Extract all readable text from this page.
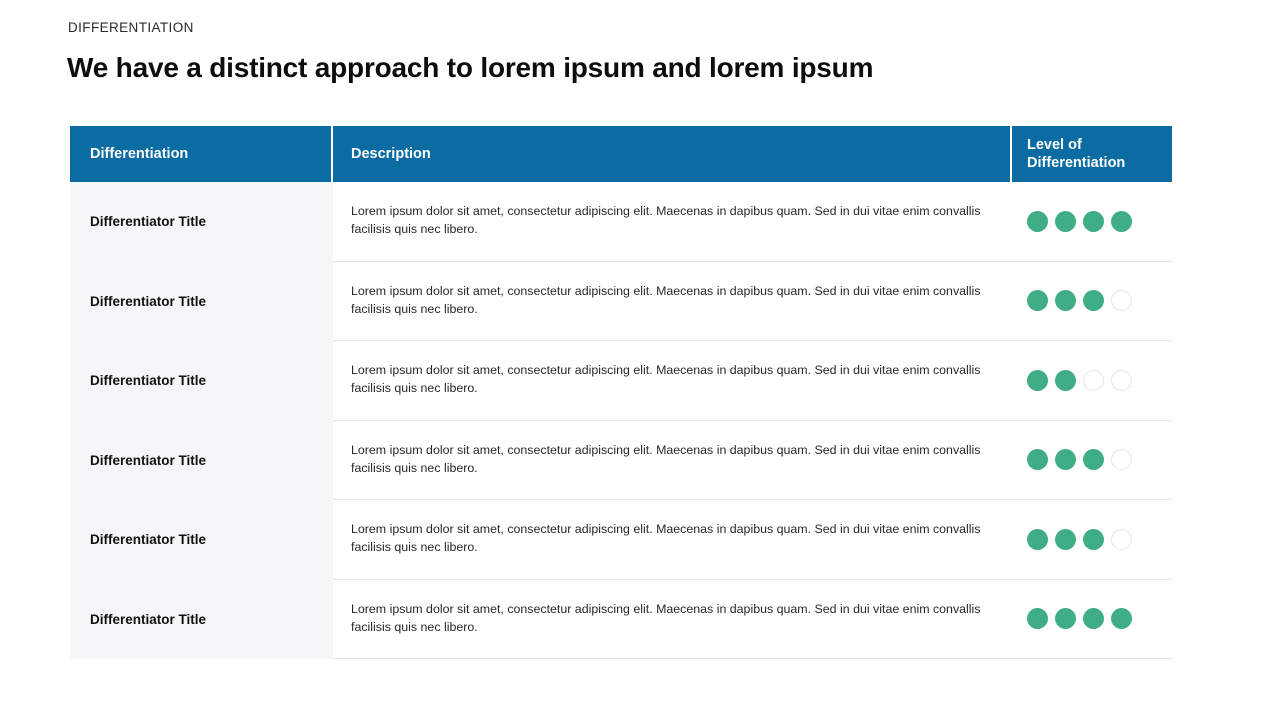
DIFFERENTIATION
We have a distinct approach to lorem ipsum and lorem ipsum
Differentiation	Description
Level of
Differentiation
Differentiator Title
Lorem ipsum dolor sit amet, consectetur adipiscing elit. Maecenas in dapibus quam. Sed in dui vitae enim convallis facilisis quis nec libero.
Differentiator Title
Lorem ipsum dolor sit amet, consectetur adipiscing elit. Maecenas in dapibus quam. Sed in dui vitae enim convallis facilisis quis nec libero.
Differentiator Title
Lorem ipsum dolor sit amet, consectetur adipiscing elit. Maecenas in dapibus quam. Sed in dui vitae enim convallis facilisis quis nec libero.
Differentiator Title
Lorem ipsum dolor sit amet, consectetur adipiscing elit. Maecenas in dapibus quam. Sed in dui vitae enim convallis facilisis quis nec libero.
Differentiator Title
Lorem ipsum dolor sit amet, consectetur adipiscing elit. Maecenas in dapibus quam. Sed in dui vitae enim convallis facilisis quis nec libero.
Differentiator Title
Lorem ipsum dolor sit amet, consectetur adipiscing elit. Maecenas in dapibus quam. Sed in dui vitae enim convallis facilisis quis nec libero.
